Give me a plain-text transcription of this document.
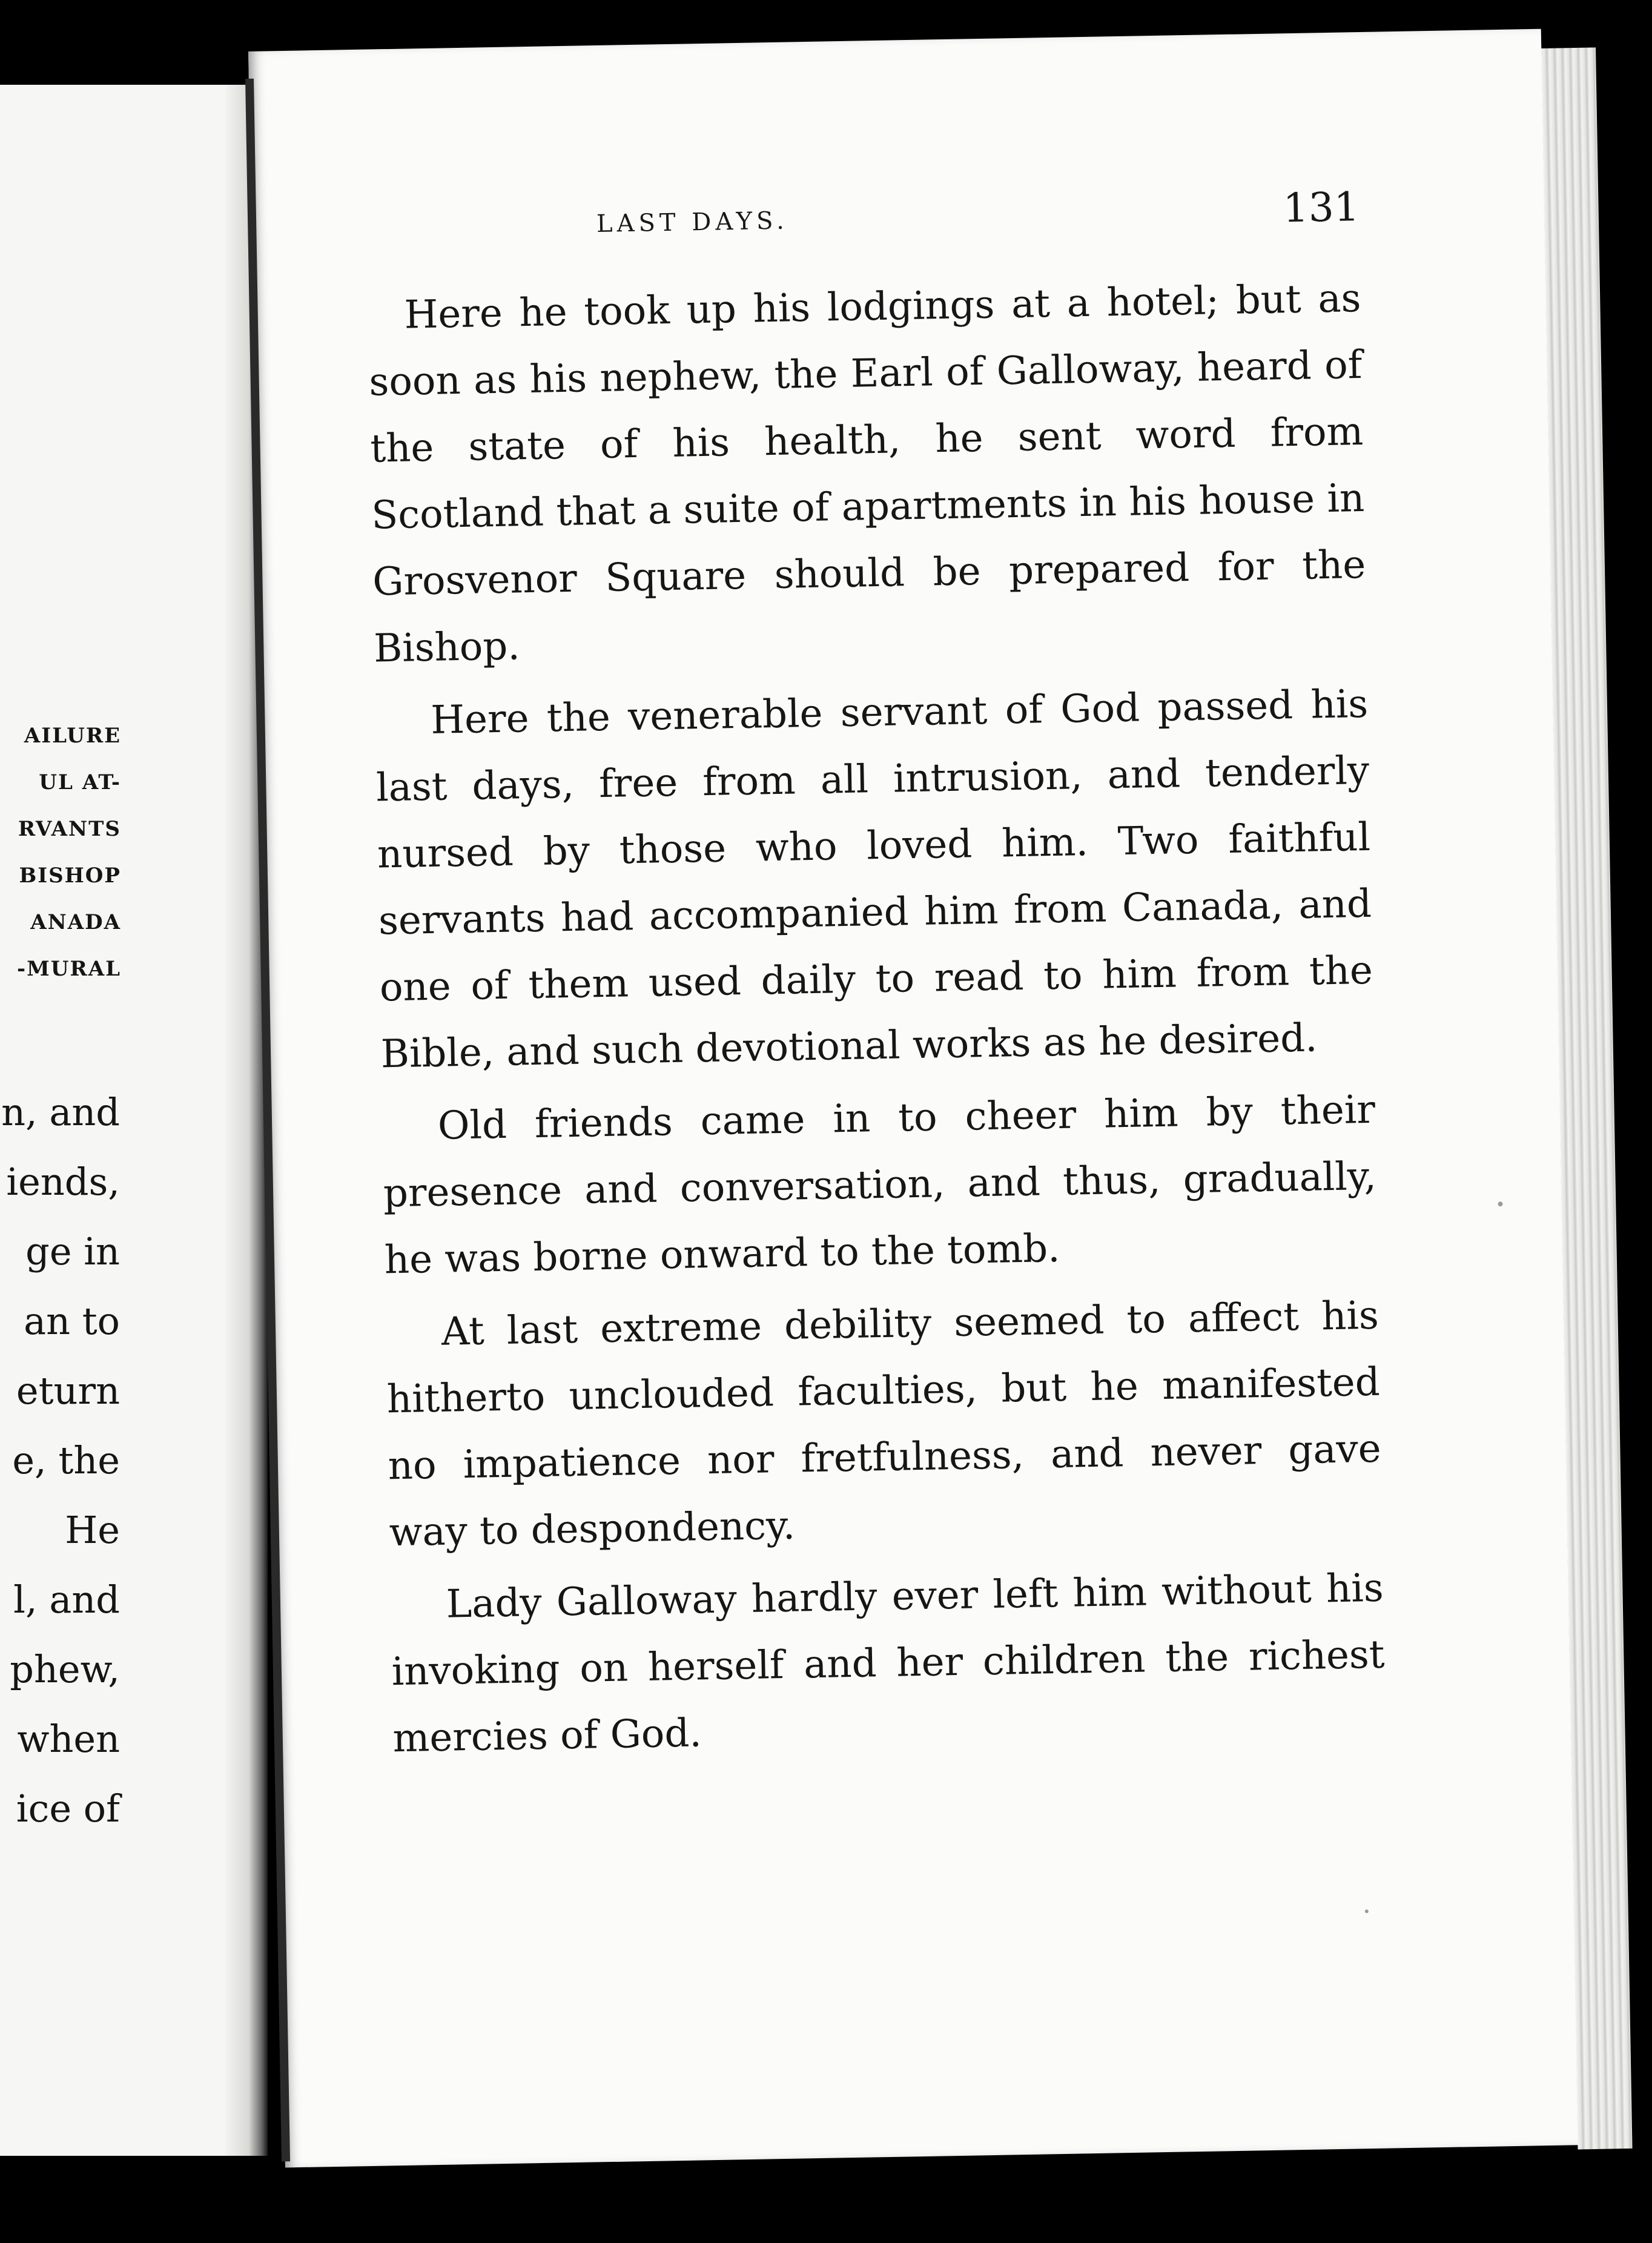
AILURE
UL AT-
RVANTS
BISHOP
ANADA
-MURAL
n, and
iends,
ge in
an to
eturn
e, the
He
l, and
phew,
when
ice of
LAST DAYS.	131

Here he took up his lodgings at a hotel; but as soon as his nephew, the Earl of Galloway, heard of the state of his health, he sent word from Scotland that a suite of apartments in his house in Grosvenor Square should be prepared for the Bishop.

Here the venerable servant of God passed his last days, free from all intrusion, and tenderly nursed by those who loved him. Two faithful servants had accompanied him from Canada, and one of them used daily to read to him from the Bible, and such devotional works as he desired.

Old friends came in to cheer him by their presence and conversation, and thus, gradually, he was borne onward to the tomb.

At last extreme debility seemed to affect his hitherto unclouded faculties, but he manifested no impatience nor fretfulness, and never gave way to despondency.

Lady Galloway hardly ever left him without his invoking on herself and her children the richest mercies of God.
